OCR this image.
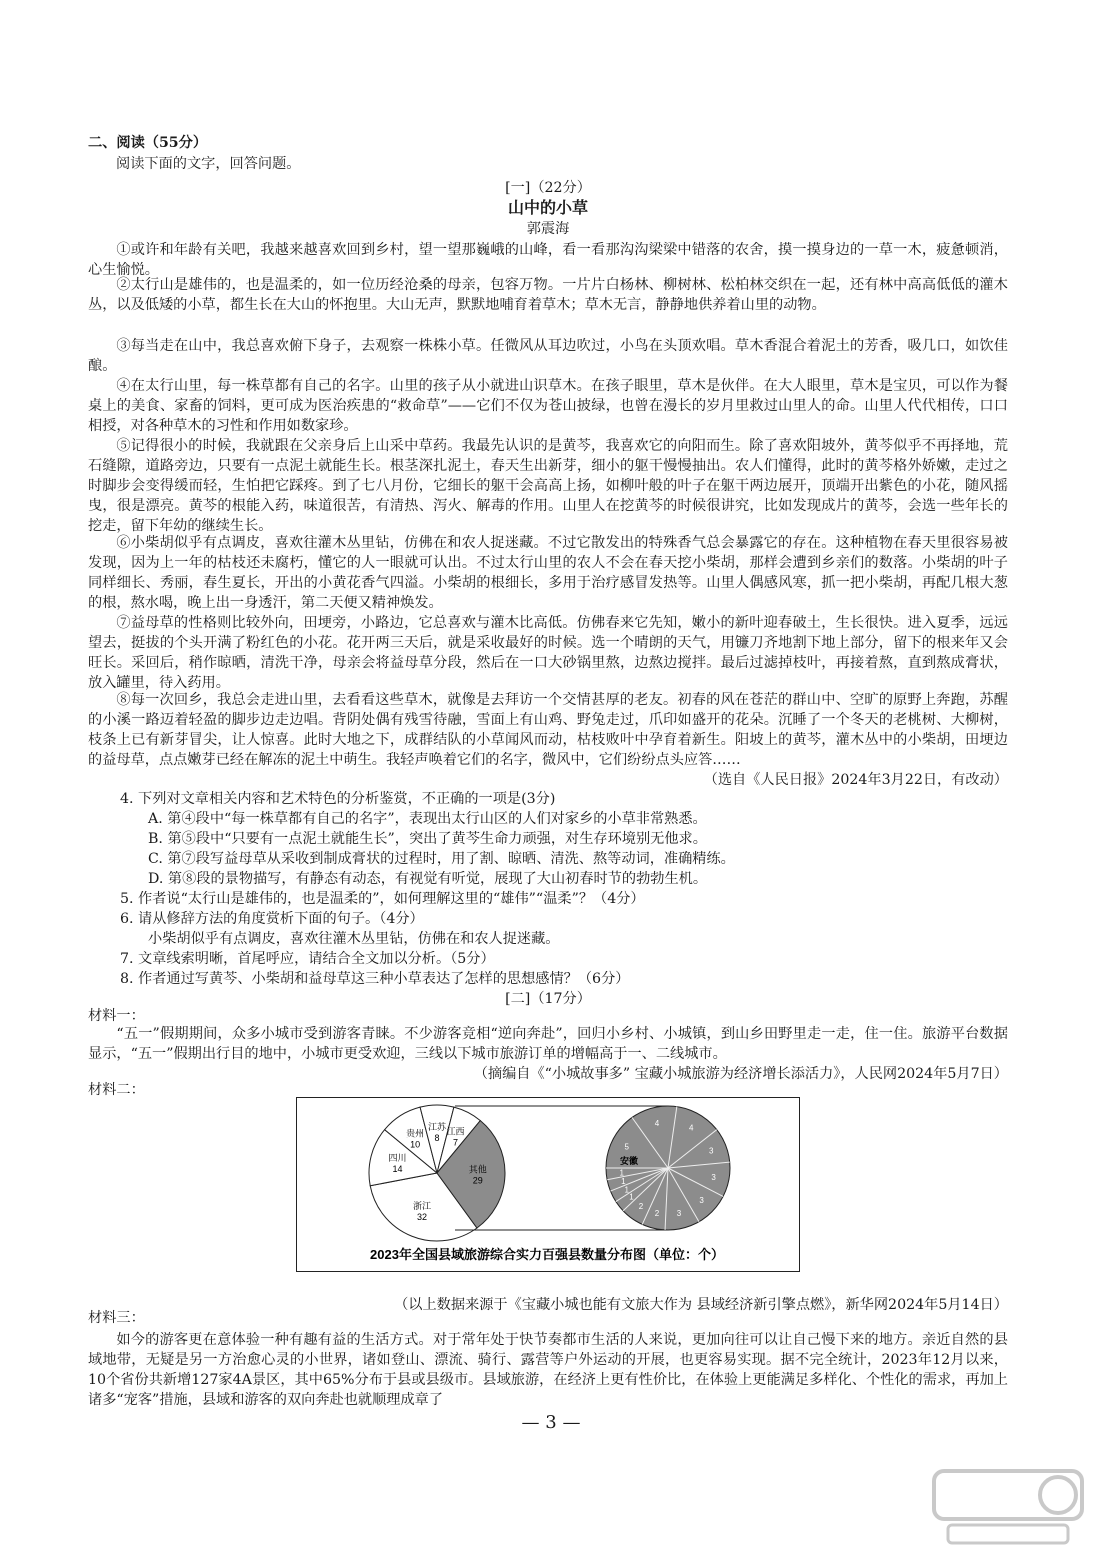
二、阅读（55分）
阅读下面的文字，回答问题。
[一]（22分）
山中的小草
郭震海
①或许和年龄有关吧，我越来越喜欢回到乡村，望一望那巍峨的山峰，看一看那沟沟梁梁中错落的农舍，摸一摸身边的一草一木，疲惫顿消，心生愉悦。
②太行山是雄伟的，也是温柔的，如一位历经沧桑的母亲，包容万物。一片片白杨林、柳树林、松柏林交织在一起，还有林中高高低低的灌木丛，以及低矮的小草，都生长在大山的怀抱里。大山无声，默默地哺育着草木；草木无言，静静地供养着山里的动物。
③每当走在山中，我总喜欢俯下身子，去观察一株株小草。任微风从耳边吹过，小鸟在头顶欢唱。草木香混合着泥土的芳香，吸几口，如饮佳酿。
④在太行山里，每一株草都有自己的名字。山里的孩子从小就进山识草木。在孩子眼里，草木是伙伴。在大人眼里，草木是宝贝，可以作为餐桌上的美食、家畜的饲料，更可成为医治疾患的“救命草”——它们不仅为苍山披绿，也曾在漫长的岁月里救过山里人的命。山里人代代相传，口口相授，对各种草木的习性和作用如数家珍。
⑤记得很小的时候，我就跟在父亲身后上山采中草药。我最先认识的是黄芩，我喜欢它的向阳而生。除了喜欢阳坡外，黄芩似乎不再择地，荒石缝隙，道路旁边，只要有一点泥土就能生长。根茎深扎泥土，春天生出新芽，细小的躯干慢慢抽出。农人们懂得，此时的黄芩格外娇嫩，走过之时脚步会变得缓而轻，生怕把它踩疼。到了七八月份，它细长的躯干会高高上扬，如柳叶般的叶子在躯干两边展开，顶端开出紫色的小花，随风摇曳，很是漂亮。黄芩的根能入药，味道很苦，有清热、泻火、解毒的作用。山里人在挖黄芩的时候很讲究，比如发现成片的黄芩，会选一些年长的挖走，留下年幼的继续生长。
⑥小柴胡似乎有点调皮，喜欢往灌木丛里钻，仿佛在和农人捉迷藏。不过它散发出的特殊香气总会暴露它的存在。这种植物在春天里很容易被发现，因为上一年的枯枝还未腐朽，懂它的人一眼就可认出。不过太行山里的农人不会在春天挖小柴胡，那样会遭到乡亲们的数落。小柴胡的叶子同样细长、秀丽，春生夏长，开出的小黄花香气四溢。小柴胡的根细长，多用于治疗感冒发热等。山里人偶感风寒，抓一把小柴胡，再配几根大葱的根，熬水喝，晚上出一身透汗，第二天便又精神焕发。
⑦益母草的性格则比较外向，田埂旁，小路边，它总喜欢与灌木比高低。仿佛春来它先知，嫩小的新叶迎春破土，生长很快。进入夏季，远远望去，挺拔的个头开满了粉红色的小花。花开两三天后，就是采收最好的时候。选一个晴朗的天气，用镰刀齐地割下地上部分，留下的根来年又会旺长。采回后，稍作晾晒，清洗干净，母亲会将益母草分段，然后在一口大砂锅里熬，边熬边搅拌。最后过滤掉枝叶，再接着熬，直到熬成膏状，放入罐里，待入药用。
⑧每一次回乡，我总会走进山里，去看看这些草木，就像是去拜访一个交情甚厚的老友。初春的风在苍茫的群山中、空旷的原野上奔跑，苏醒的小溪一路迈着轻盈的脚步边走边唱。背阴处偶有残雪待融，雪面上有山鸡、野兔走过，爪印如盛开的花朵。沉睡了一个冬天的老桃树、大柳树，枝条上已有新芽冒尖，让人惊喜。此时大地之下，成群结队的小草闻风而动，枯枝败叶中孕育着新生。阳坡上的黄芩，灌木丛中的小柴胡，田埂边的益母草，点点嫩芽已经在解冻的泥土中萌生。我轻声唤着它们的名字，微风中，它们纷纷点头应答……
（选自《人民日报》2024年3月22日，有改动）
4. 下列对文章相关内容和艺术特色的分析鉴赏，不正确的一项是(3分)
A. 第④段中“每一株草都有自己的名字”，表现出太行山区的人们对家乡的小草非常熟悉。
B. 第⑤段中“只要有一点泥土就能生长”，突出了黄芩生命力顽强，对生存环境别无他求。
C. 第⑦段写益母草从采收到制成膏状的过程时，用了割、晾晒、清洗、熬等动词，准确精练。
D. 第⑧段的景物描写，有静态有动态，有视觉有听觉，展现了大山初春时节的勃勃生机。
5. 作者说“太行山是雄伟的，也是温柔的”，如何理解这里的“雄伟”“温柔”？（4分）
6. 请从修辞方法的角度赏析下面的句子。（4分）
小柴胡似乎有点调皮，喜欢往灌木丛里钻，仿佛在和农人捉迷藏。
7. 文章线索明晰，首尾呼应，请结合全文加以分析。（5分）
8. 作者通过写黄芩、小柴胡和益母草这三种小草表达了怎样的思想感情？（6分）
[二]（17分）
材料一：
“五一”假期期间，众多小城市受到游客青睐。不少游客竞相“逆向奔赴”，回归小乡村、小城镇，到山乡田野里走一走，住一住。旅游平台数据显示，“五一”假期出行目的地中，小城市更受欢迎，三线以下城市旅游订单的增幅高于一、二线城市。
（摘编自《“小城故事多” 宝藏小城旅游为经济增长添活力》，人民网2024年5月7日）
材料二：
浙江
32
四川
14
贵州
10
江苏
8
江西
7
其他
29
5
4
4
3
3
3
3
2
2
1
1
1
1
安徽
2023年全国县域旅游综合实力百强县数量分布图（单位：个）
（以上数据来源于《宝藏小城也能有文旅大作为 县域经济新引擎点燃》，新华网2024年5月14日）
材料三：
如今的游客更在意体验一种有趣有益的生活方式。对于常年处于快节奏都市生活的人来说，更加向往可以让自己慢下来的地方。亲近自然的县域地带，无疑是另一方治愈心灵的小世界，诸如登山、漂流、骑行、露营等户外运动的开展，也更容易实现。据不完全统计，2023年12月以来，10个省份共新增127家4A景区，其中65%分布于县或县级市。县域旅游，在经济上更有性价比，在体验上更能满足多样化、个性化的需求，再加上诸多“宠客”措施，县域和游客的双向奔赴也就顺理成章了
— 3 —
